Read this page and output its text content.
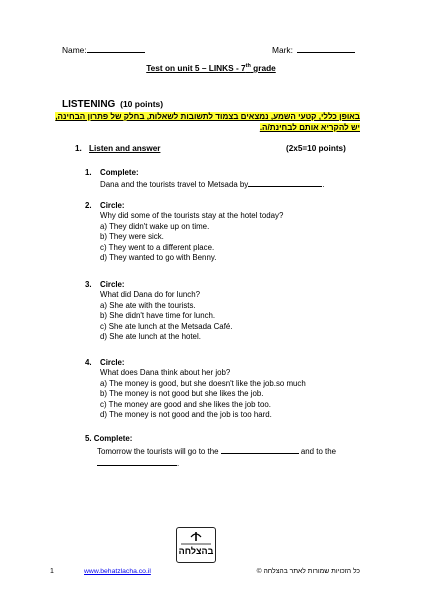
Name:	Mark:
Test on unit 5 – LINKS - 7th grade
LISTENING (10 points)
באופן כללי, קטעי השמע, נמצאים בצמוד לתשובות לשאלות, בחלק של פתרון הבחינה,
יש להקריא אותם לבחינת/ה.
1. Listen and answer	(2x5=10 points)
1. Complete:
Dana and the tourists travel to Metsada by	.
2. Circle:
Why did some of the tourists stay at the hotel today?
a) They didn't wake up on time.
b) They were sick.
c) They went to a different place.
d) They wanted to go with Benny.
3. Circle:
What did Dana do for lunch?
a) She ate with the tourists.
b) She didn't have time for lunch.
c) She ate lunch at the Metsada Café.
d) She ate lunch at the hotel.
4. Circle:
What does Dana think about her job?
a) The money is good, but she doesn't like the job.so much
b) The money is not good but she likes the job.
c) The money are good and she likes the job too.
d) The money is not good and the job is too hard.
5. Complete:
Tomorrow the tourists will go to the	and to the
.
בהצלחה
1	www.behatzlacha.co.il	כל הזכויות שמורות לאתר בהצלחה ©
